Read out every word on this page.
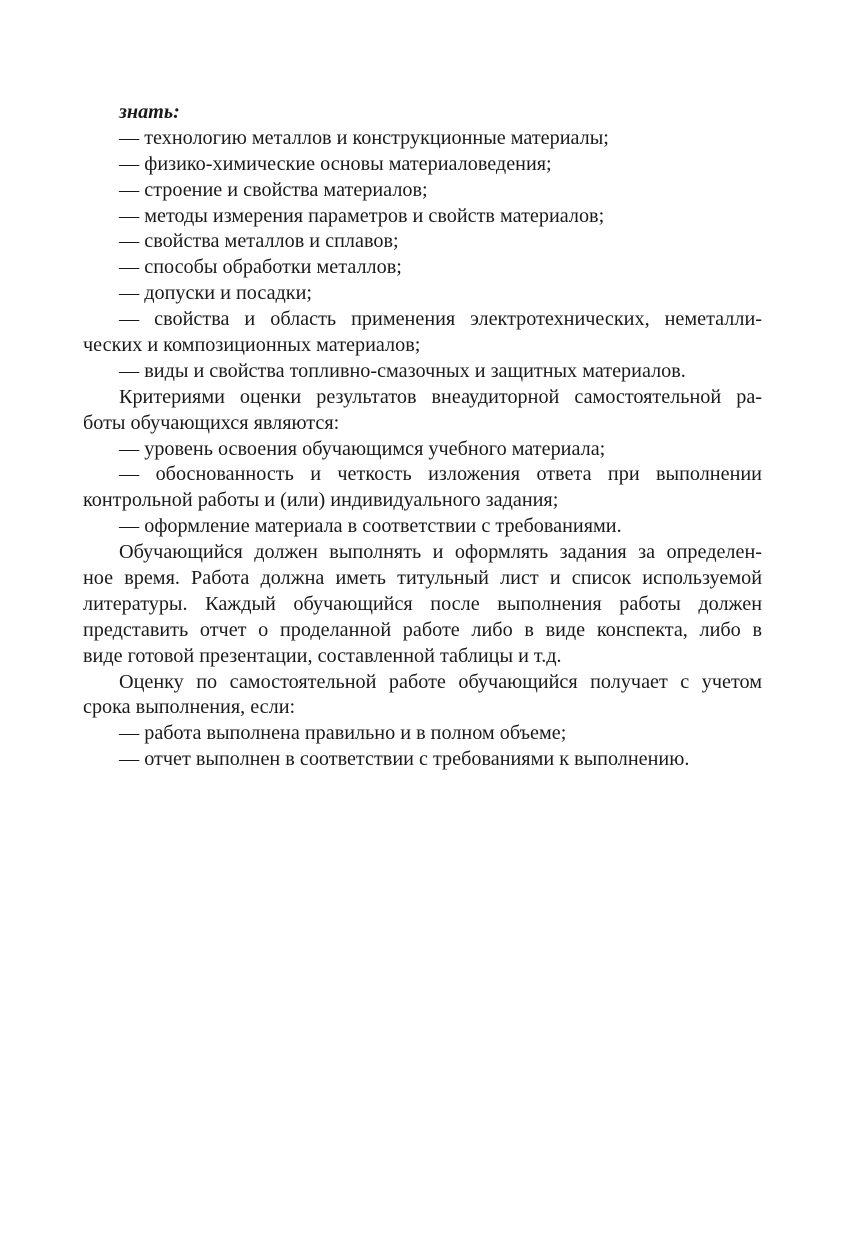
знать:
— технологию металлов и конструкционные материалы;
— физико-химические основы материаловедения;
— строение и свойства материалов;
— методы измерения параметров и свойств материалов;
— свойства металлов и сплавов;
— способы обработки металлов;
— допуски и посадки;
— свойства и область применения электротехнических, неметалли-
ческих и композиционных материалов;
— виды и свойства топливно-смазочных и защитных материалов.
Критериями оценки результатов внеаудиторной самостоятельной ра-
боты обучающихся являются:
— уровень освоения обучающимся учебного материала;
— обоснованность и четкость изложения ответа при выполнении
контрольной работы и (или) индивидуального задания;
— оформление материала в соответствии с требованиями.
Обучающийся должен выполнять и оформлять задания за определен-
ное время. Работа должна иметь титульный лист и список используемой
литературы. Каждый обучающийся после выполнения работы должен
представить отчет о проделанной работе либо в виде конспекта, либо в
виде готовой презентации, составленной таблицы и т.д.
Оценку по самостоятельной работе обучающийся получает с учетом
срока выполнения, если:
— работа выполнена правильно и в полном объеме;
— отчет выполнен в соответствии с требованиями к выполнению.
